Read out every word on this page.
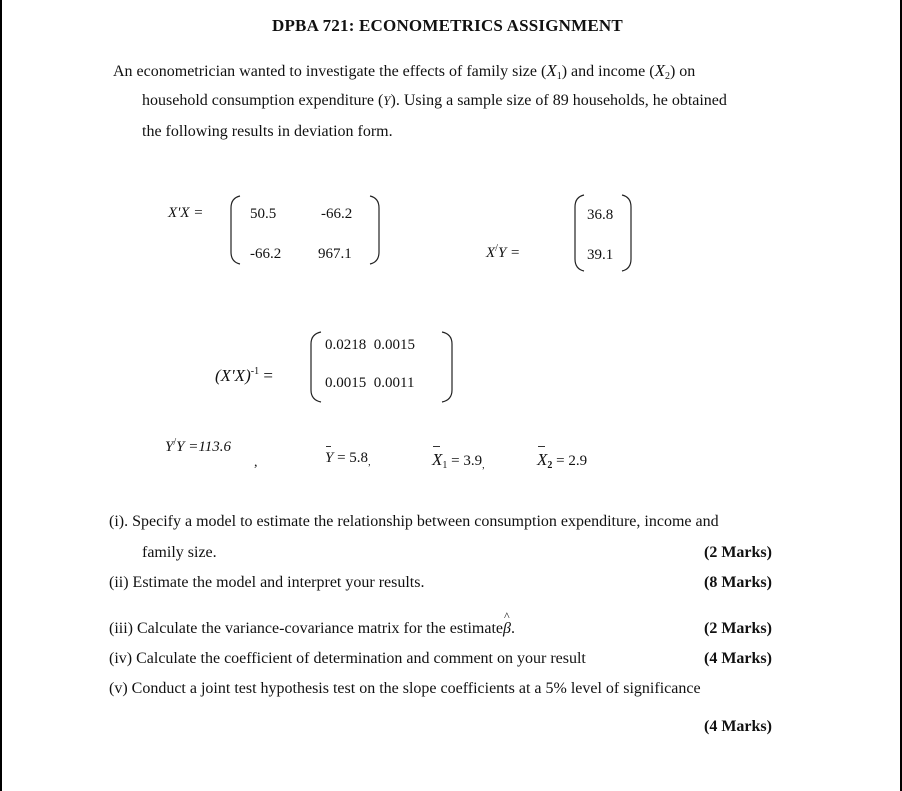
DPBA 721: ECONOMETRICS ASSIGNMENT
An econometrician wanted to investigate the effects of family size (X1) and income (X2) on
household consumption expenditure (Y). Using a sample size of 89 households, he obtained
the following results in deviation form.
X'X =	50.5	-66.2
-66.2 967.1	X/Y =
36.8
39.1
$(X'X)^{-1}$ =
0.0218  0.0015
0.0015  0.0011
Y/Y =113.6
,	$Y = 5.8_,$	$X_1 = 3.9_,$	$X_2 = 2.9$
(i). Specify a model to estimate the relationship between consumption expenditure, income and
family size.	(2 Marks)
(ii) Estimate the model and interpret your results.	(8 Marks)
(iii) Calculate the variance-covariance matrix for the estimate^ β.	(2 Marks)
(iv) Calculate the coefficient of determination and comment on your result	(4 Marks)
(v) Conduct a joint test hypothesis test on the slope coefficients at a 5% level of significance
(4 Marks)
